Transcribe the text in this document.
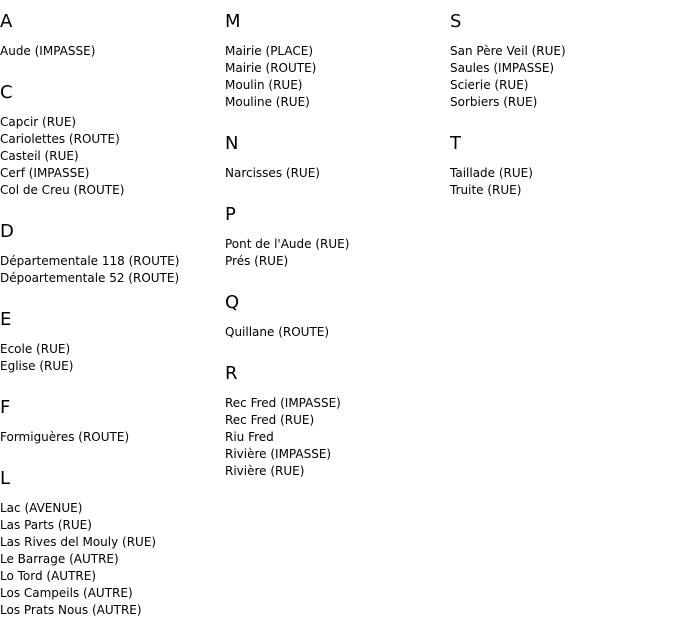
A
Aude (IMPASSE)
C
Capcir (RUE)
Cariolettes (ROUTE)
Casteil (RUE)
Cerf (IMPASSE)
Col de Creu (ROUTE)
D
Départementale 118 (ROUTE)
Dépoartementale 52 (ROUTE)
E
Ecole (RUE)
Eglise (RUE)
F
Formiguères (ROUTE)
L
Lac (AVENUE)
Las Parts (RUE)
Las Rives del Mouly (RUE)
Le Barrage (AUTRE)
Lo Tord (AUTRE)
Los Campeils (AUTRE)
Los Prats Nous (AUTRE)
M
Mairie (PLACE)
Mairie (ROUTE)
Moulin (RUE)
Mouline (RUE)
N
Narcisses (RUE)
P
Pont de l'Aude (RUE)
Prés (RUE)
Q
Quillane (ROUTE)
R
Rec Fred (IMPASSE)
Rec Fred (RUE)
Riu Fred
Rivière (IMPASSE)
Rivière (RUE)
S
San Père Veil (RUE)
Saules (IMPASSE)
Scierie (RUE)
Sorbiers (RUE)
T
Taillade (RUE)
Truite (RUE)
